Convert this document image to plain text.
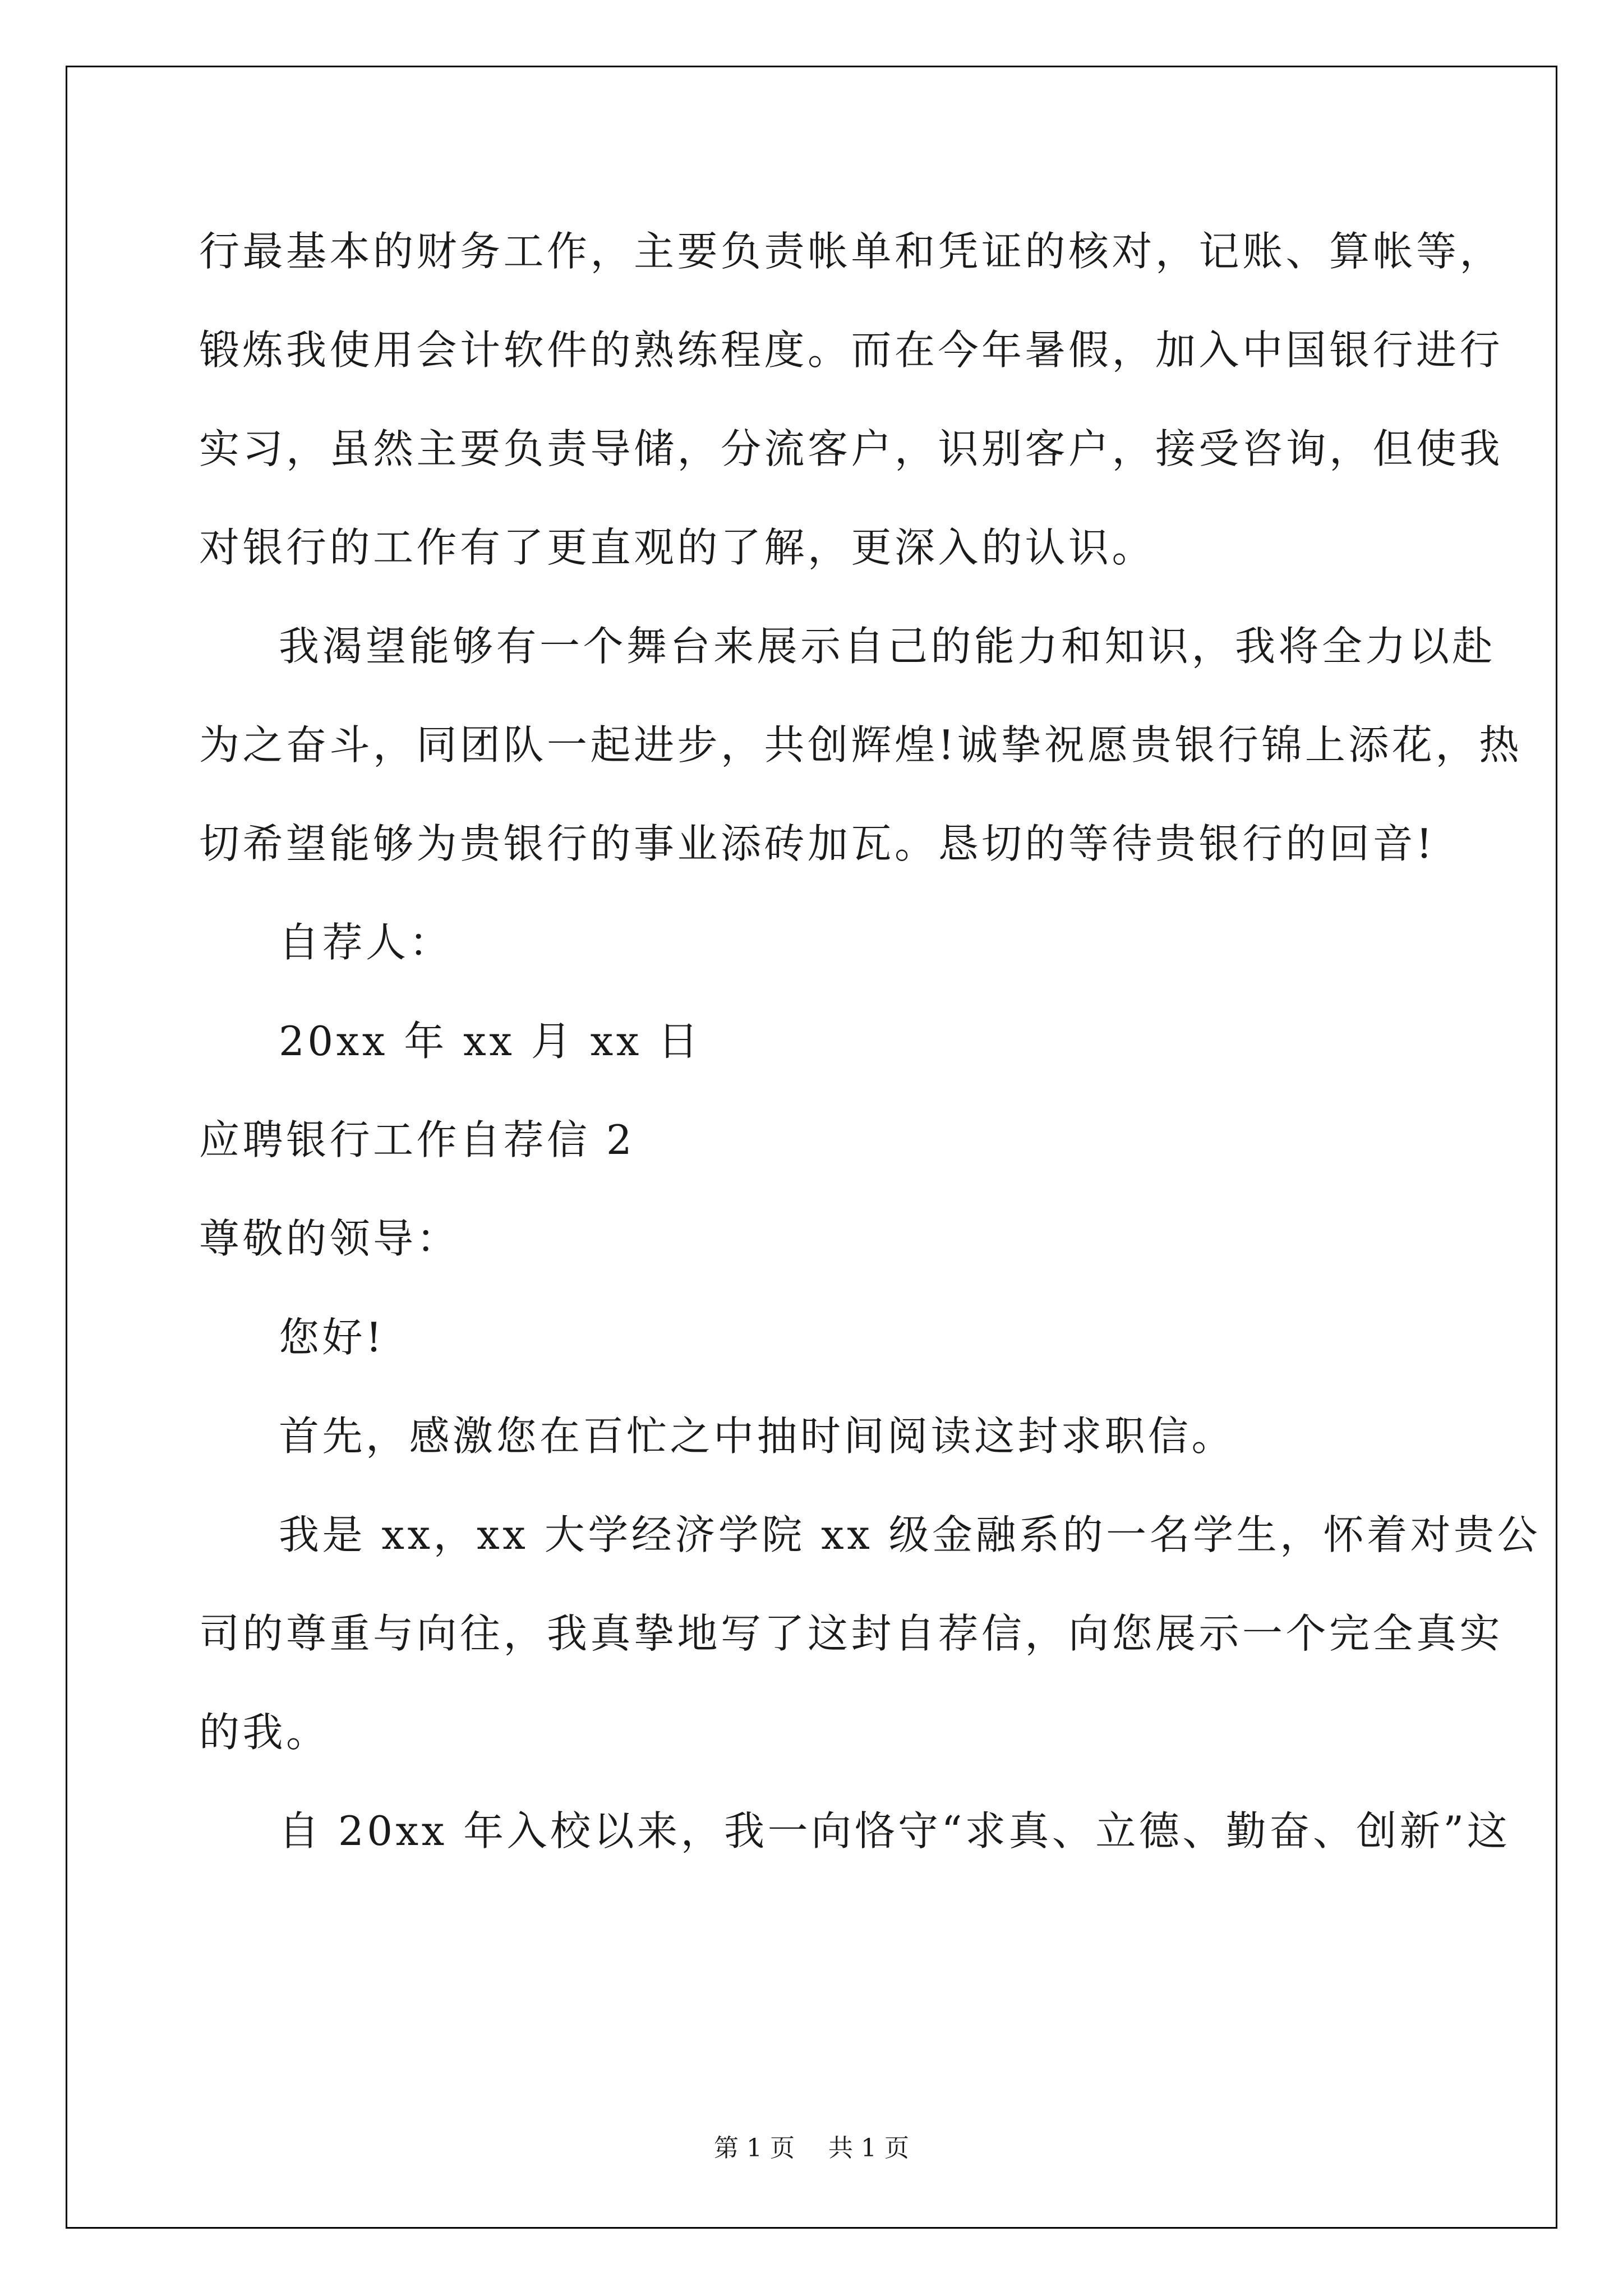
行最基本的财务工作，主要负责帐单和凭证的核对，记账、算帐等，
锻炼我使用会计软件的熟练程度。而在今年暑假，加入中国银行进行
实习，虽然主要负责导储，分流客户，识别客户，接受咨询，但使我
对银行的工作有了更直观的了解，更深入的认识。
我渴望能够有一个舞台来展示自己的能力和知识，我将全力以赴
为之奋斗，同团队一起进步，共创辉煌!诚挚祝愿贵银行锦上添花，热
切希望能够为贵银行的事业添砖加瓦。恳切的等待贵银行的回音!
自荐人：
20xx 年 xx 月 xx 日
应聘银行工作自荐信 2
尊敬的领导：
您好!
首先，感激您在百忙之中抽时间阅读这封求职信。
我是 xx，xx 大学经济学院 xx 级金融系的一名学生，怀着对贵公
司的尊重与向往，我真挚地写了这封自荐信，向您展示一个完全真实
的我。
自 20xx 年入校以来，我一向恪守“求真、立德、勤奋、创新”这
第 1 页 共 1 页
